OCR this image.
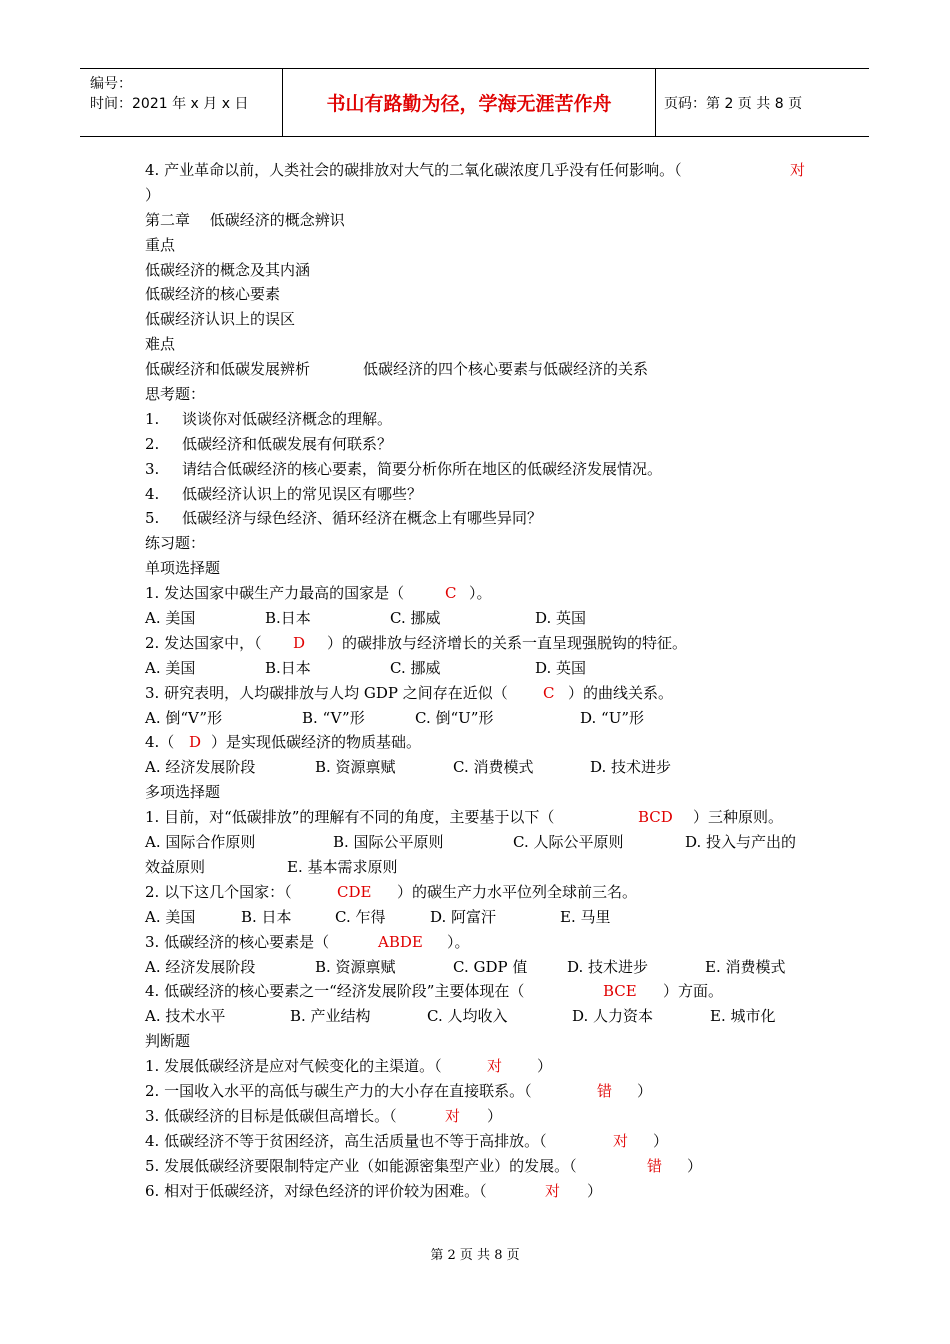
编号：
时间：2021 年 x 月 x 日	书山有路勤为径，学海无涯苦作舟	页码：第 2 页 共 8 页
4. 产业革命以前，人类社会的碳排放对大气的二氧化碳浓度几乎没有任何影响。（	对
）
第二章　 低碳经济的概念辨识
重点
低碳经济的概念及其内涵
低碳经济的核心要素
低碳经济认识上的误区
难点
低碳经济和低碳发展辨析	低碳经济的四个核心要素与低碳经济的关系
思考题：
1. 谈谈你对低碳经济概念的理解。
2. 低碳经济和低碳发展有何联系？
3. 请结合低碳经济的核心要素，简要分析你所在地区的低碳经济发展情况。
4. 低碳经济认识上的常见误区有哪些？
5. 低碳经济与绿色经济、循环经济在概念上有哪些异同？
练习题：
单项选择题
1. 发达国家中碳生产力最高的国家是（	C ）。
A. 美国	B.日本	C. 挪威	D. 英国
2. 发达国家中，（ D ）的碳排放与经济增长的关系一直呈现强脱钩的特征。
A. 美国	B.日本	C. 挪威	D. 英国
3. 研究表明，人均碳排放与人均 GDP 之间存在近似（ C ）的曲线关系。
A. 倒“V”形	B. “V”形	C. 倒“U”形	D. “U”形
4.（ D ）是实现低碳经济的物质基础。
A. 经济发展阶段	B. 资源禀赋	C. 消费模式	D. 技术进步
多项选择题
1. 目前，对“低碳排放”的理解有不同的角度，主要基于以下（	BCD ）三种原则。
A. 国际合作原则	B. 国际公平原则	C. 人际公平原则	D. 投入与产出的
效益原则	E. 基本需求原则
2. 以下这几个国家：（	CDE ）的碳生产力水平位列全球前三名。
A. 美国	B. 日本	C. 乍得	D. 阿富汗	E. 马里
3. 低碳经济的核心要素是（	ABDE ）。
A. 经济发展阶段	B. 资源禀赋	C. GDP 值	D. 技术进步	E. 消费模式
4. 低碳经济的核心要素之一“经济发展阶段”主要体现在（	BCE ）方面。
A. 技术水平	B. 产业结构	C. 人均收入	D. 人力资本	E. 城市化
判断题
1. 发展低碳经济是应对气候变化的主渠道。（	对 ）
2. 一国收入水平的高低与碳生产力的大小存在直接联系。（	错 ）
3. 低碳经济的目标是低碳但高增长。（	对 ）
4. 低碳经济不等于贫困经济，高生活质量也不等于高排放。（	对 ）
5. 发展低碳经济要限制特定产业（如能源密集型产业）的发展。（	错 ）
6. 相对于低碳经济，对绿色经济的评价较为困难。（	对 ）
第 2 页 共 8 页
